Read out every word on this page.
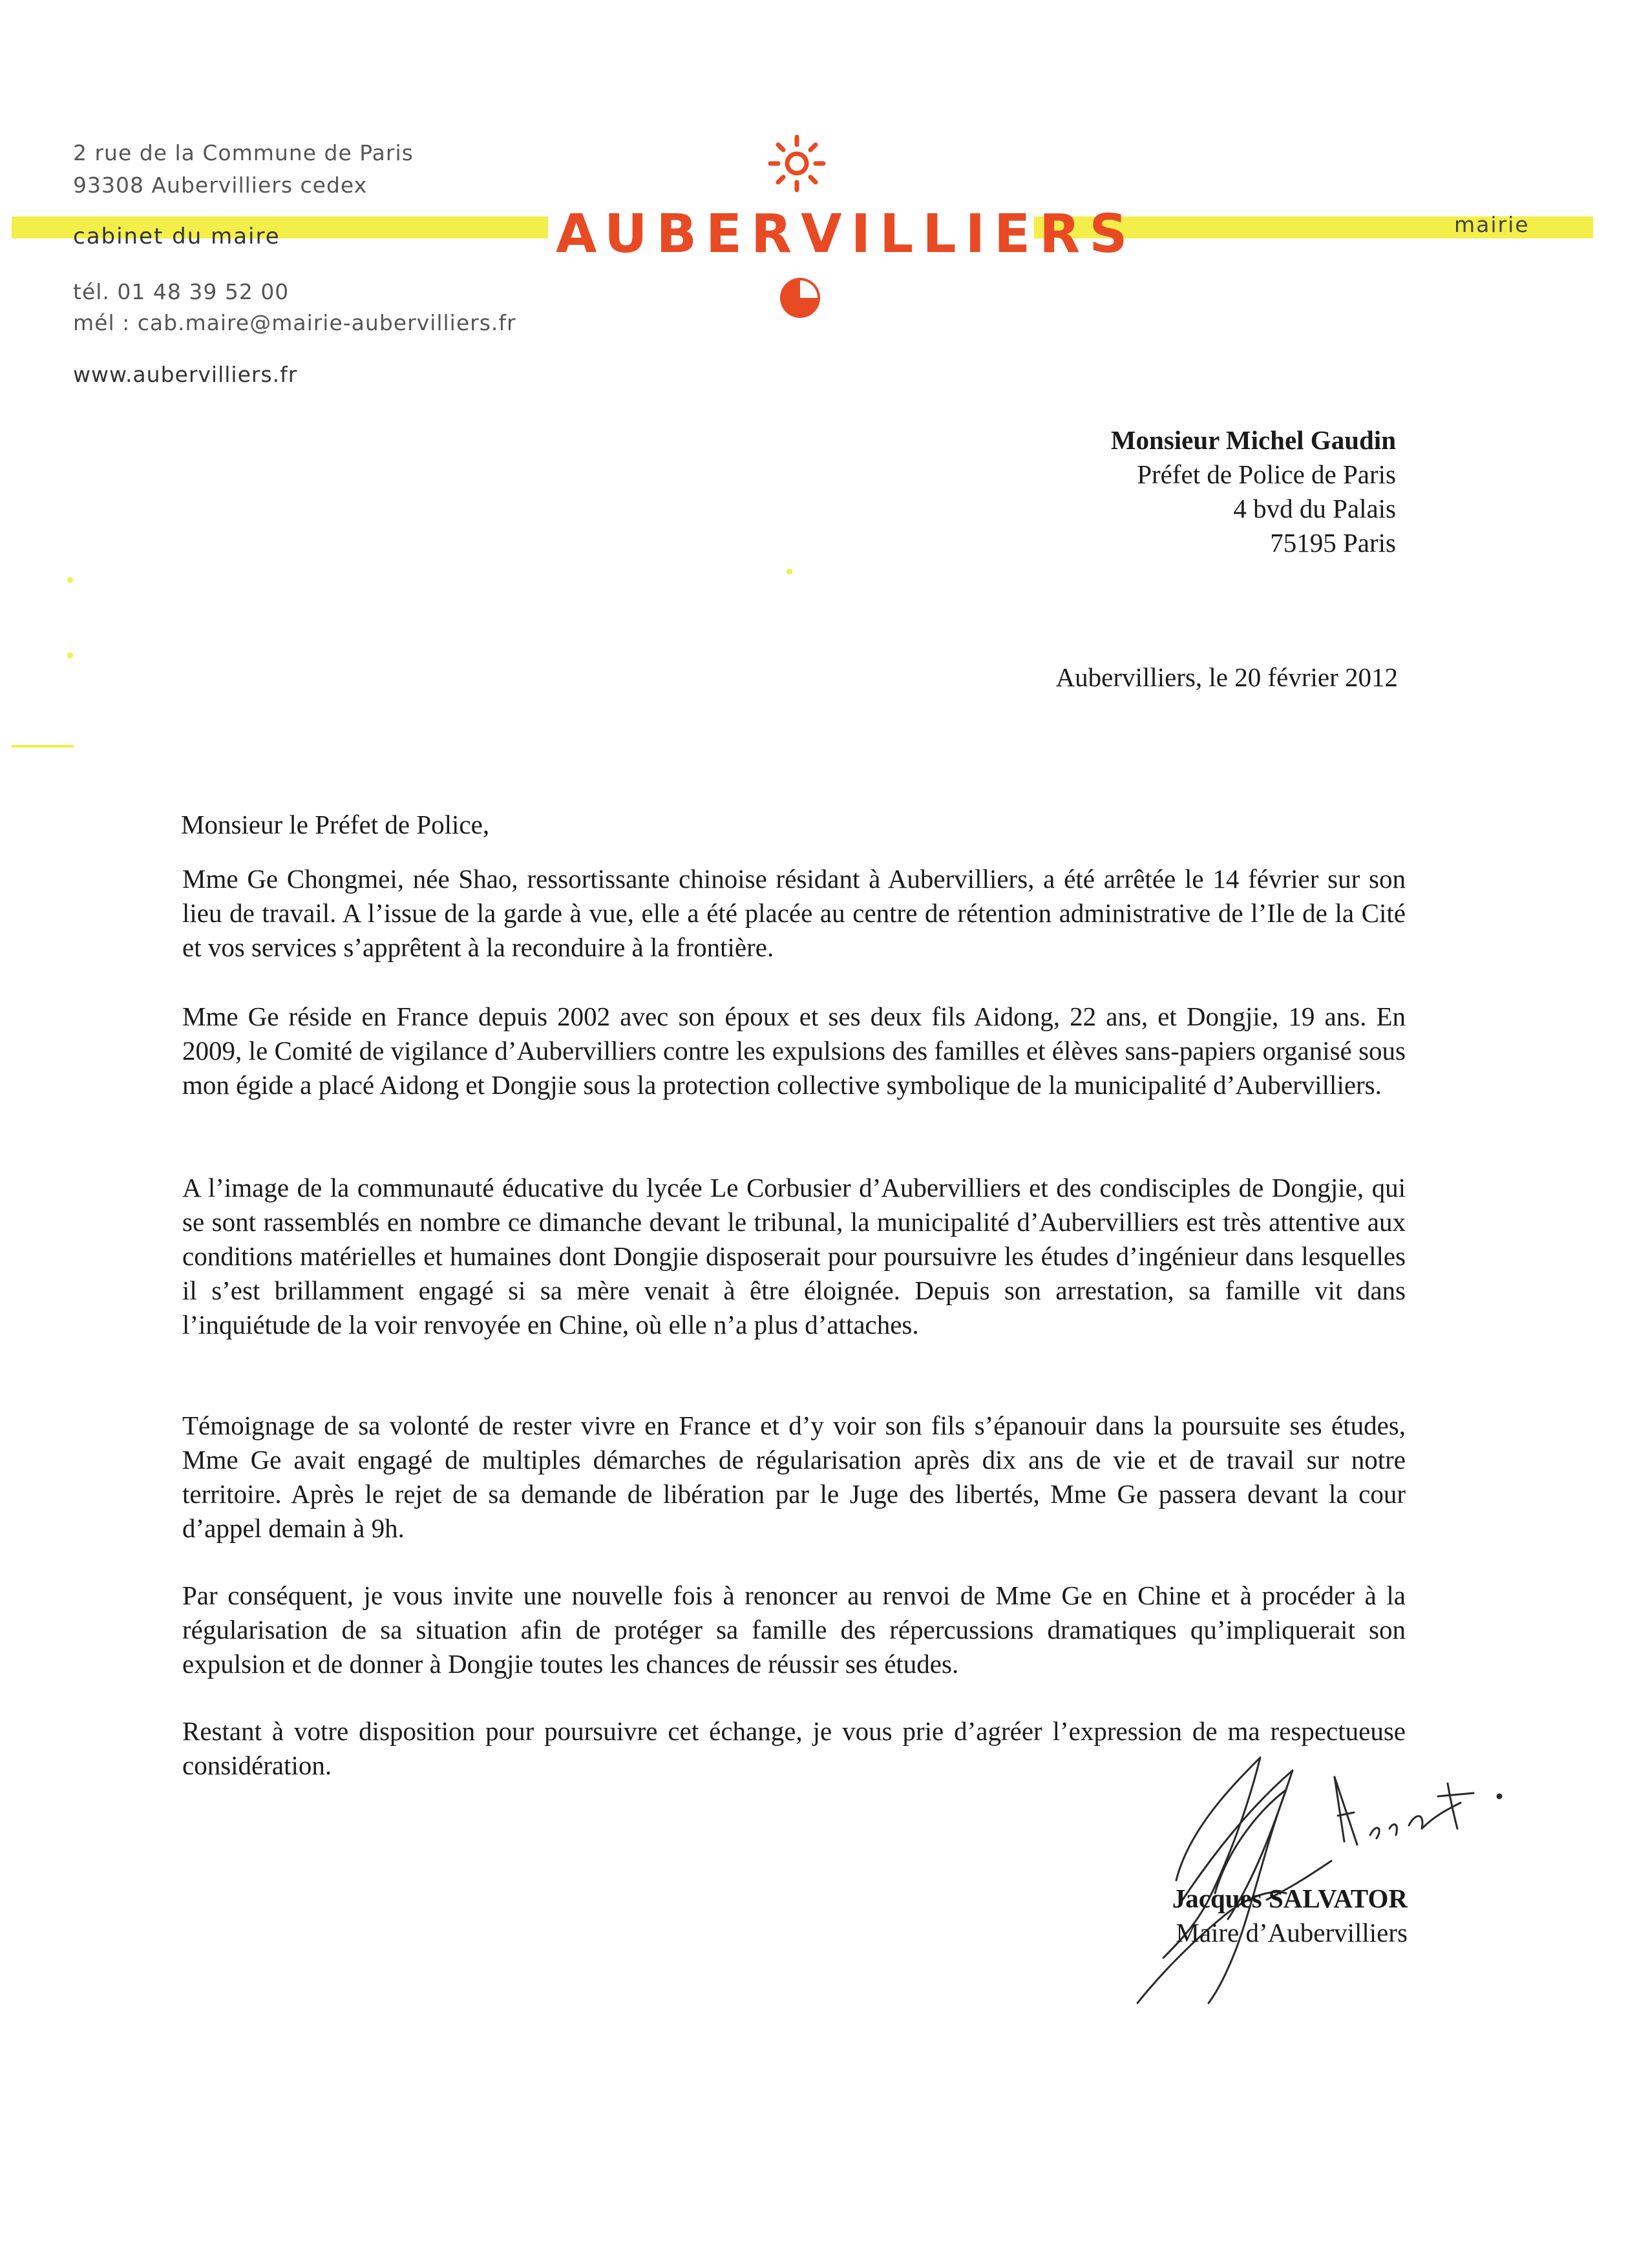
2 rue de la Commune de Paris
93308 Aubervilliers cedex
cabinet du maire	mairie
AUBERVILLIERS
tél. 01 48 39 52 00
mél : cab.maire@mairie-aubervilliers.fr
www.aubervilliers.fr
Monsieur Michel Gaudin
Préfet de Police de Paris
4 bvd du Palais
75195 Paris
Aubervilliers, le 20 février 2012
Monsieur le Préfet de Police,

Mme Ge Chongmei, née Shao, ressortissante chinoise résidant à Aubervilliers, a été arrêtée le 14 février sur son lieu de travail. A l’issue de la garde à vue, elle a été placée au centre de rétention administrative de l’Ile de la Cité et vos services s’apprêtent à la reconduire à la frontière.

Mme Ge réside en France depuis 2002 avec son époux et ses deux fils Aidong, 22 ans, et Dongjie, 19 ans. En 2009, le Comité de vigilance d’Aubervilliers contre les expulsions des familles et élèves sans-papiers organisé sous mon égide a placé Aidong et Dongjie sous la protection collective symbolique de la municipalité d’Aubervilliers.

A l’image de la communauté éducative du lycée Le Corbusier d’Aubervilliers et des condisciples de Dongjie, qui se sont rassemblés en nombre ce dimanche devant le tribunal, la municipalité d’Aubervilliers est très attentive aux conditions matérielles et humaines dont Dongjie disposerait pour poursuivre les études d’ingénieur dans lesquelles il s’est brillamment engagé si sa mère venait à être éloignée. Depuis son arrestation, sa famille vit dans l’inquiétude de la voir renvoyée en Chine, où elle n’a plus d’attaches.

Témoignage de sa volonté de rester vivre en France et d’y voir son fils s’épanouir dans la poursuite ses études, Mme Ge avait engagé de multiples démarches de régularisation après dix ans de vie et de travail sur notre territoire. Après le rejet de sa demande de libération par le Juge des libertés, Mme Ge passera devant la cour d’appel demain à 9h.

Par conséquent, je vous invite une nouvelle fois à renoncer au renvoi de Mme Ge en Chine et à procéder à la régularisation de sa situation afin de protéger sa famille des répercussions dramatiques qu’impliquerait son expulsion et de donner à Dongjie toutes les chances de réussir ses études.

Restant à votre disposition pour poursuivre cet échange, je vous prie d’agréer l’expression de ma respectueuse considération.

Jacques SALVATOR
Maire d’Aubervilliers
